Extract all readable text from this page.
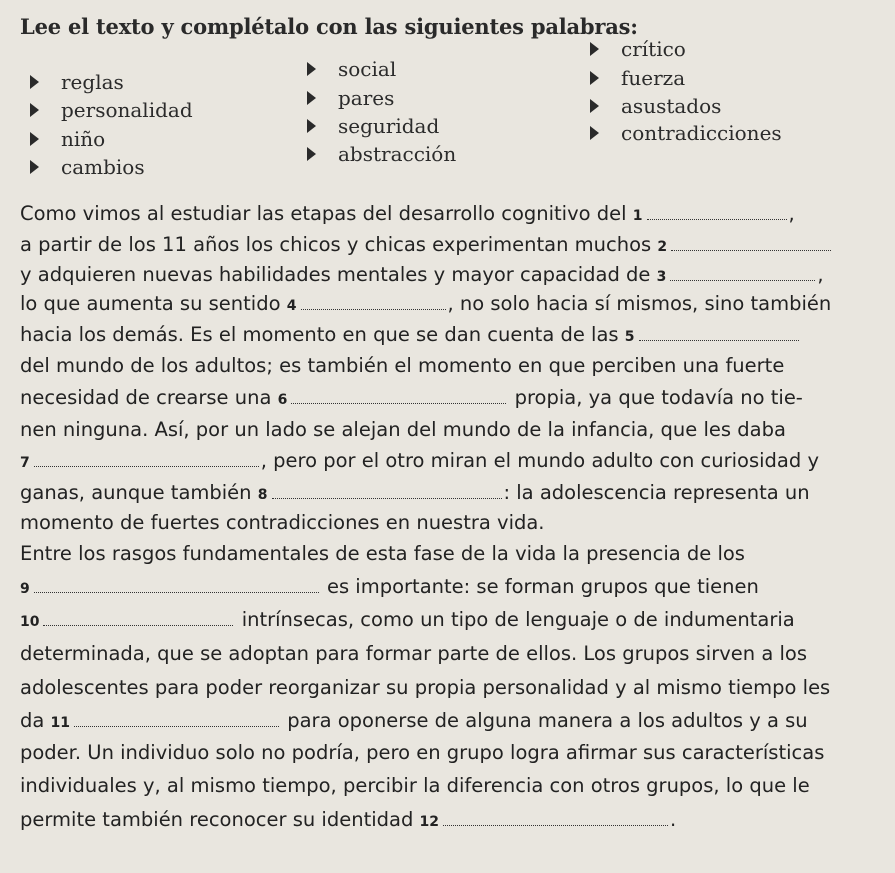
Lee el texto y complétalo con las siguientes palabras:
crítico
reglas
social	fuerza
personalidad	pares	asustados
niño
seguridad	contradicciones
cambios
abstracción
Como vimos al estudiar las etapas del desarrollo cognitivo del
1	,
a partir de los 11 años los chicos y chicas experimentan muchos
2
y adquieren nuevas habilidades mentales y mayor capacidad de
3	,
lo que aumenta su sentido
4	, no solo hacia sí mismos, sino también
hacia los demás. Es el momento en que se dan cuenta de las
5
del mundo de los adultos; es también el momento en que perciben una fuerte
necesidad de crearse una
6
	propia, ya que todavía no tie-
nen ninguna. Así, por un lado se alejan del mundo de la infancia, que les daba
7	, pero por el otro miran el mundo adulto con curiosidad y
ganas, aunque también
8	: la adolescencia representa un
momento de fuertes contradicciones en nuestra vida.
Entre los rasgos fundamentales de esta fase de la vida la presencia de los
9
	es importante: se forman grupos que tienen
10
	intrínsecas, como un tipo de lenguaje o de indumentaria
determinada, que se adoptan para formar parte de ellos. Los grupos sirven a los
adolescentes para poder reorganizar su propia personalidad y al mismo tiempo les
da
11
	para oponerse de alguna manera a los adultos y a su
poder. Un individuo solo no podría, pero en grupo logra afirmar sus características
individuales y, al mismo tiempo, percibir la diferencia con otros grupos, lo que le
permite también reconocer su identidad
12	.
